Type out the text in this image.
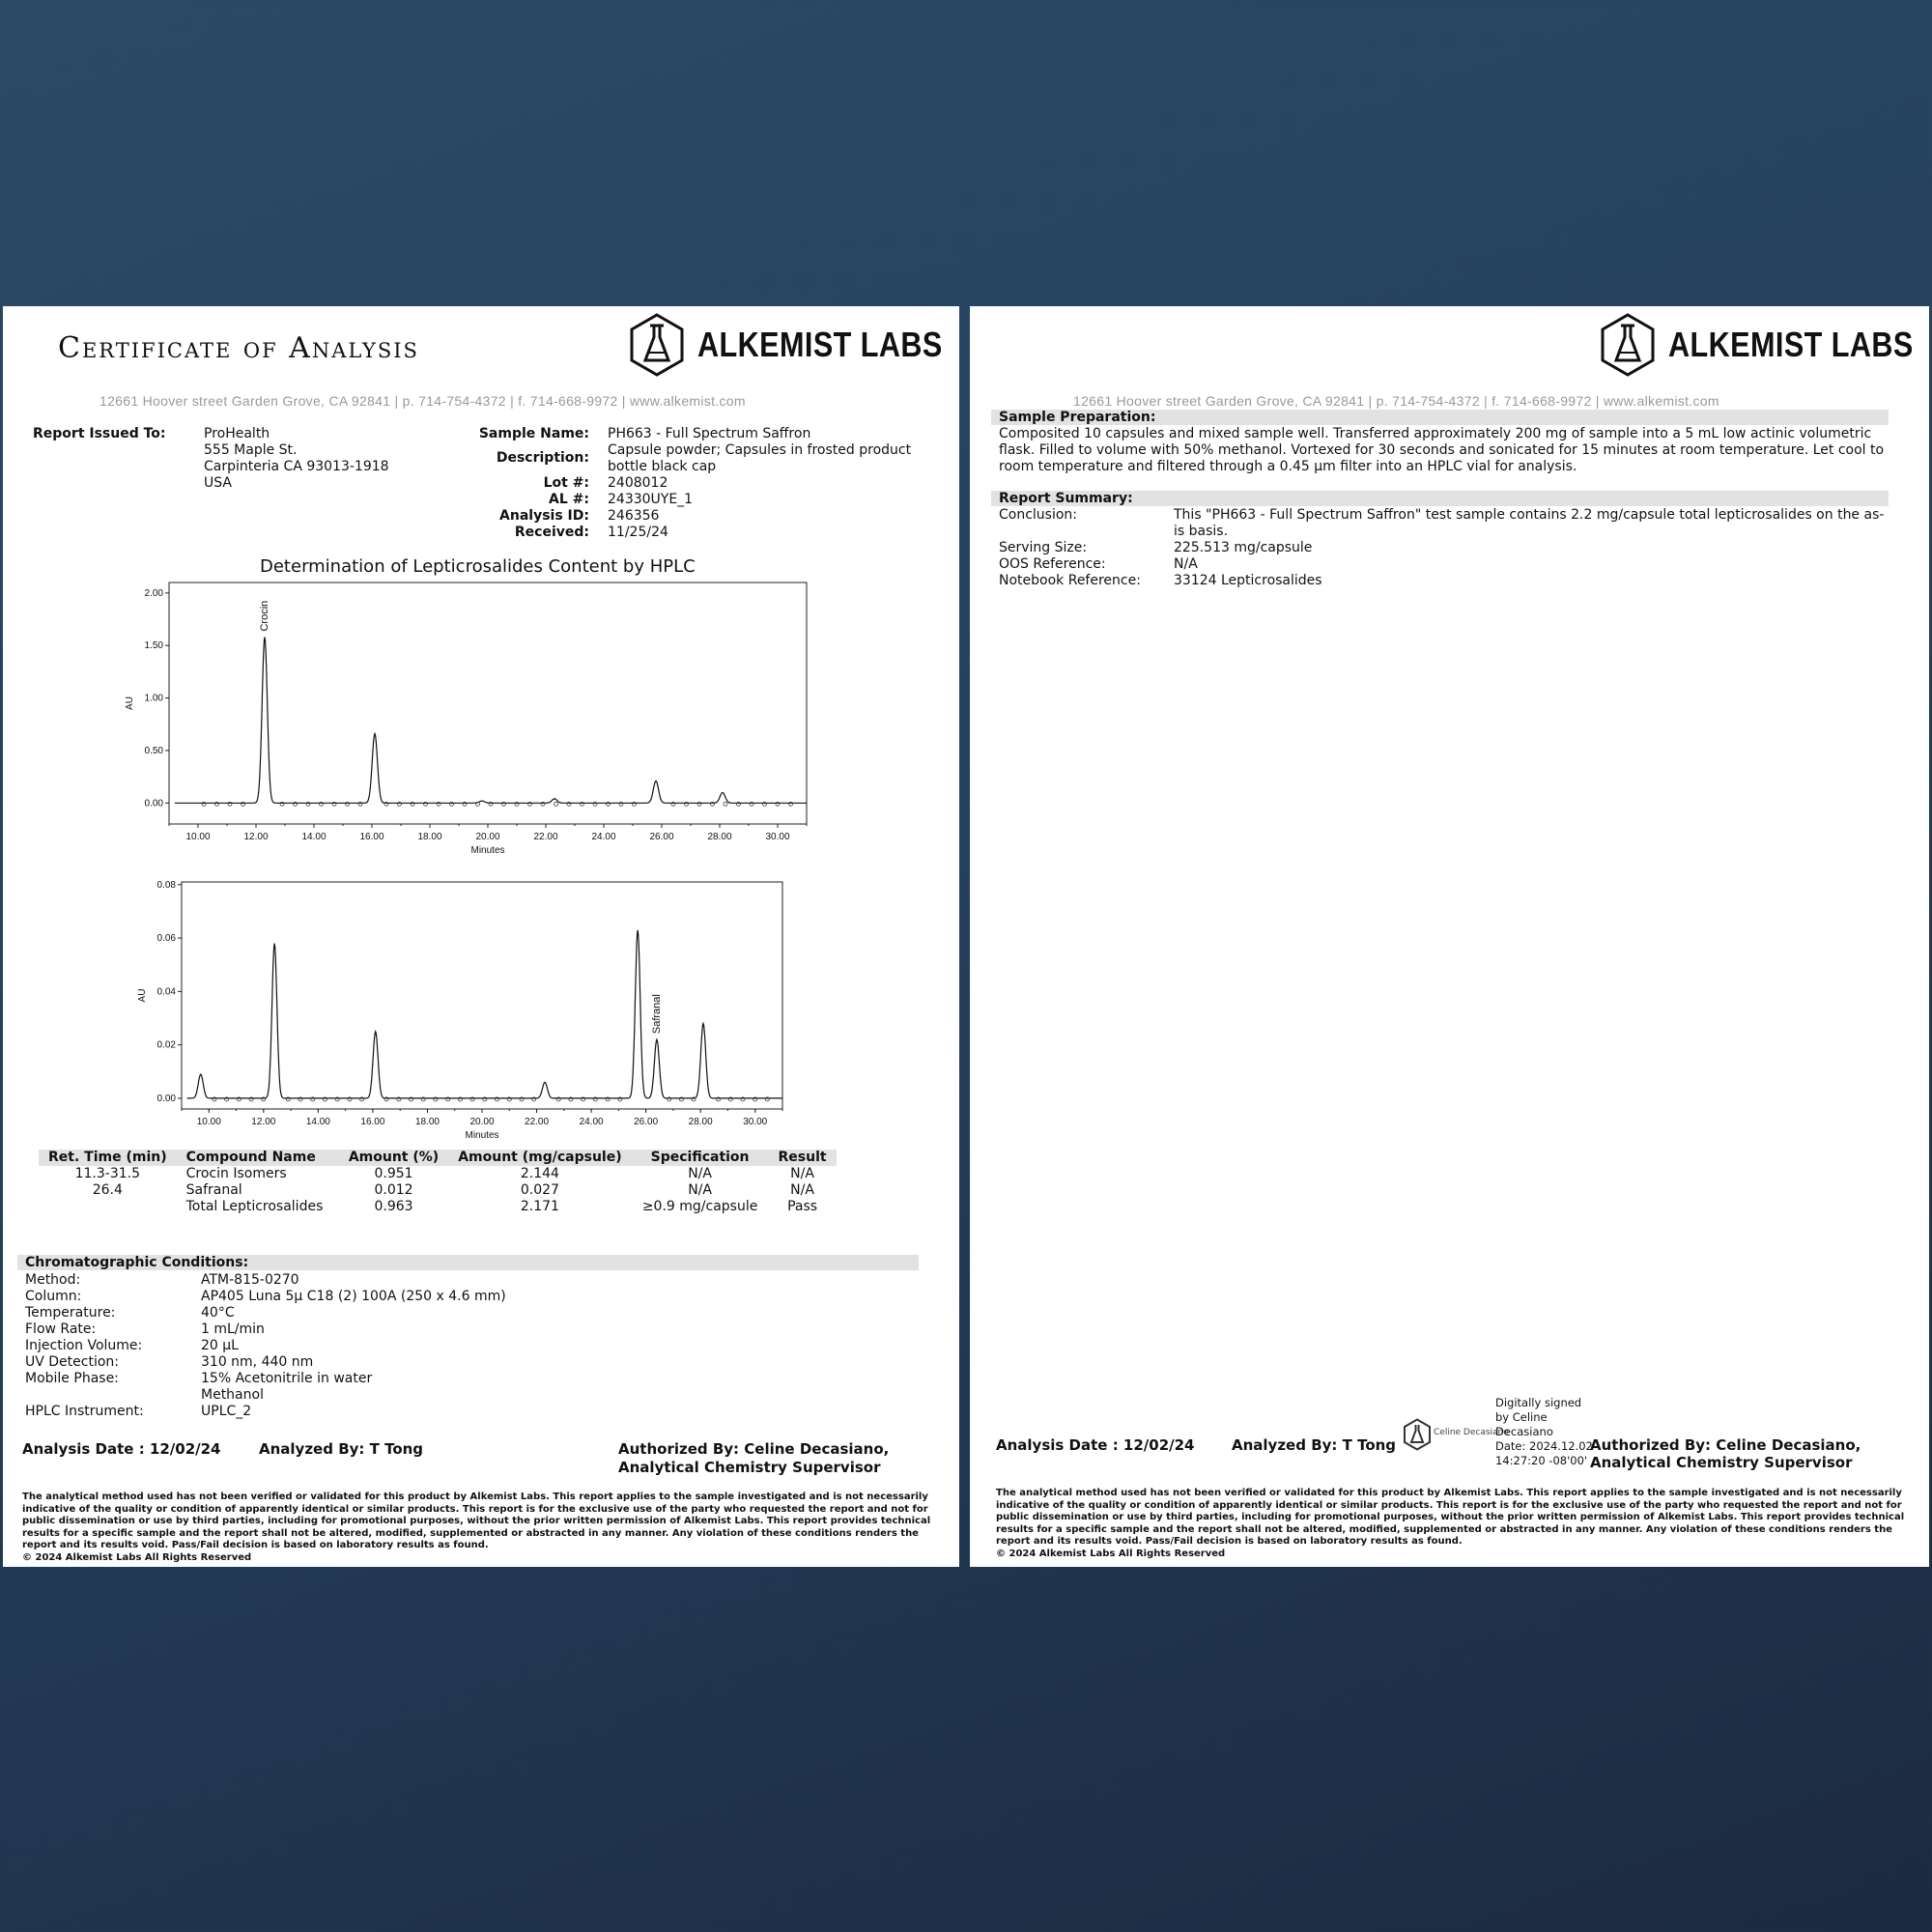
Certificate of Analysis	ALKEMIST LABS
12661 Hoover street Garden Grove, CA 92841 | p. 714-754-4372 | f. 714-668-9972 | www.alkemist.com
Report Issued To:	ProHealth
555 Maple St.
Carpinteria CA 93013-1918
USA
Sample Name: PH663 - Full Spectrum Saffron
Description: Capsule powder; Capsules in frosted product
bottle black cap
Lot #: 2408012
AL #: 24330UYE_1
Analysis ID: 246356
Received: 11/25/24
Determination of Lepticrosalides Content by HPLC
0.00
0.50
1.00
1.50
2.00
10.00	12.00	14.00	16.00	18.00	20.00	22.00	24.00	26.00	28.00	30.00
Minutes
AU
Crocin
0.00
0.02
0.04
0.06
0.08
10.00	12.00	14.00	16.00	18.00	20.00	22.00	24.00	26.00	28.00	30.00
Minutes
AU	Safranal
Ret. Time (min)	Compound Name	Amount (%)	Amount (mg/capsule)	Specification	Result
11.3-31.5	Crocin Isomers	0.951	2.144	N/A	N/A
26.4	Safranal	0.012	0.027	N/A	N/A
	Total Lepticrosalides	0.963	2.171	≥0.9 mg/capsule	Pass
Chromatographic Conditions:
Method:	ATM-815-0270
Column:	AP405 Luna 5µ C18 (2) 100A (250 x 4.6 mm)
Temperature:	40°C
Flow Rate:	1 mL/min
Injection Volume:	20 µL
UV Detection:	310 nm, 440 nm
Mobile Phase:	15% Acetonitrile in water
Methanol
HPLC Instrument:	UPLC_2
Analysis Date : 12/02/24	Analyzed By: T Tong	Authorized By: Celine Decasiano,
Analytical Chemistry Supervisor
The analytical method used has not been verified or validated for this product by Alkemist Labs. This report applies to the sample investigated and is not necessarily indicative of the quality or condition of apparently identical or similar products. This report is for the exclusive use of the party who requested the report and not for public dissemination or use by third parties, including for promotional purposes, without the prior written permission of Alkemist Labs. This report provides technical results for a specific sample and the report shall not be altered, modified, supplemented or abstracted in any manner. Any violation of these conditions renders the report and its results void. Pass/Fail decision is based on laboratory results as found.
© 2024 Alkemist Labs All Rights Reserved
ALKEMIST LABS
12661 Hoover street Garden Grove, CA 92841 | p. 714-754-4372 | f. 714-668-9972 | www.alkemist.com
Sample Preparation:
Composited 10 capsules and mixed sample well. Transferred approximately 200 mg of sample into a 5 mL low actinic volumetric flask. Filled to volume with 50% methanol. Vortexed for 30 seconds and sonicated for 15 minutes at room temperature. Let cool to room temperature and filtered through a 0.45 µm filter into an HPLC vial for analysis.
Report Summary:
Conclusion:	This "PH663 - Full Spectrum Saffron" test sample contains 2.2 mg/capsule total lepticrosalides on the as-is basis.
Serving Size:	225.513 mg/capsule
OOS Reference:	N/A
Notebook Reference: 33124 Lepticrosalides
Analysis Date : 12/02/24	Analyzed By: T Tong
Celine Decasiano
Digitally signed
by Celine
Decasiano
Date: 2024.12.02
14:27:20 -08'00'
Authorized By: Celine Decasiano,
Analytical Chemistry Supervisor
The analytical method used has not been verified or validated for this product by Alkemist Labs. This report applies to the sample investigated and is not necessarily indicative of the quality or condition of apparently identical or similar products. This report is for the exclusive use of the party who requested the report and not for public dissemination or use by third parties, including for promotional purposes, without the prior written permission of Alkemist Labs. This report provides technical results for a specific sample and the report shall not be altered, modified, supplemented or abstracted in any manner. Any violation of these conditions renders the report and its results void. Pass/Fail decision is based on laboratory results as found.
© 2024 Alkemist Labs All Rights Reserved
